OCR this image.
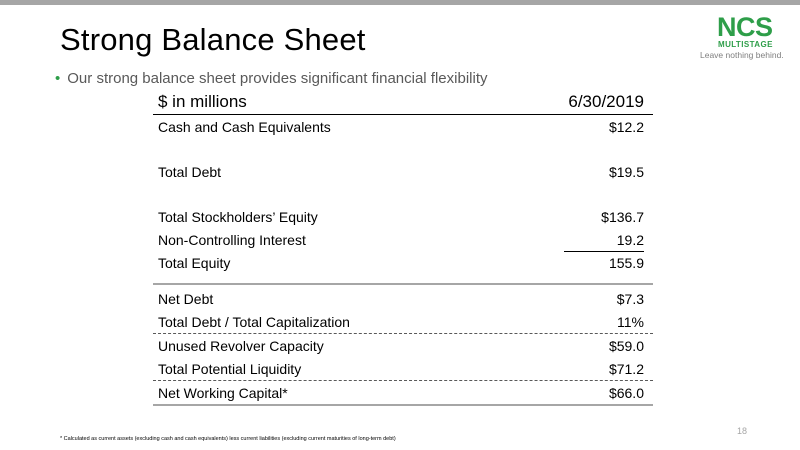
Strong Balance Sheet	NCS
MULTISTAGE
Leave nothing behind.
• Our strong balance sheet provides significant financial flexibility
$ in millions	6/30/2019
Cash and Cash Equivalents	$12.2
Total Debt	$19.5
Total Stockholders’ Equity	$136.7
Non-Controlling Interest	19.2
Total Equity	155.9
Net Debt	$7.3
Total Debt / Total Capitalization	11%
Unused Revolver Capacity	$59.0
Total Potential Liquidity	$71.2
Net Working Capital*	$66.0
18
* Calculated as current assets (excluding cash and cash equivalents) less current liabilities (excluding current maturities of long-term debt)
